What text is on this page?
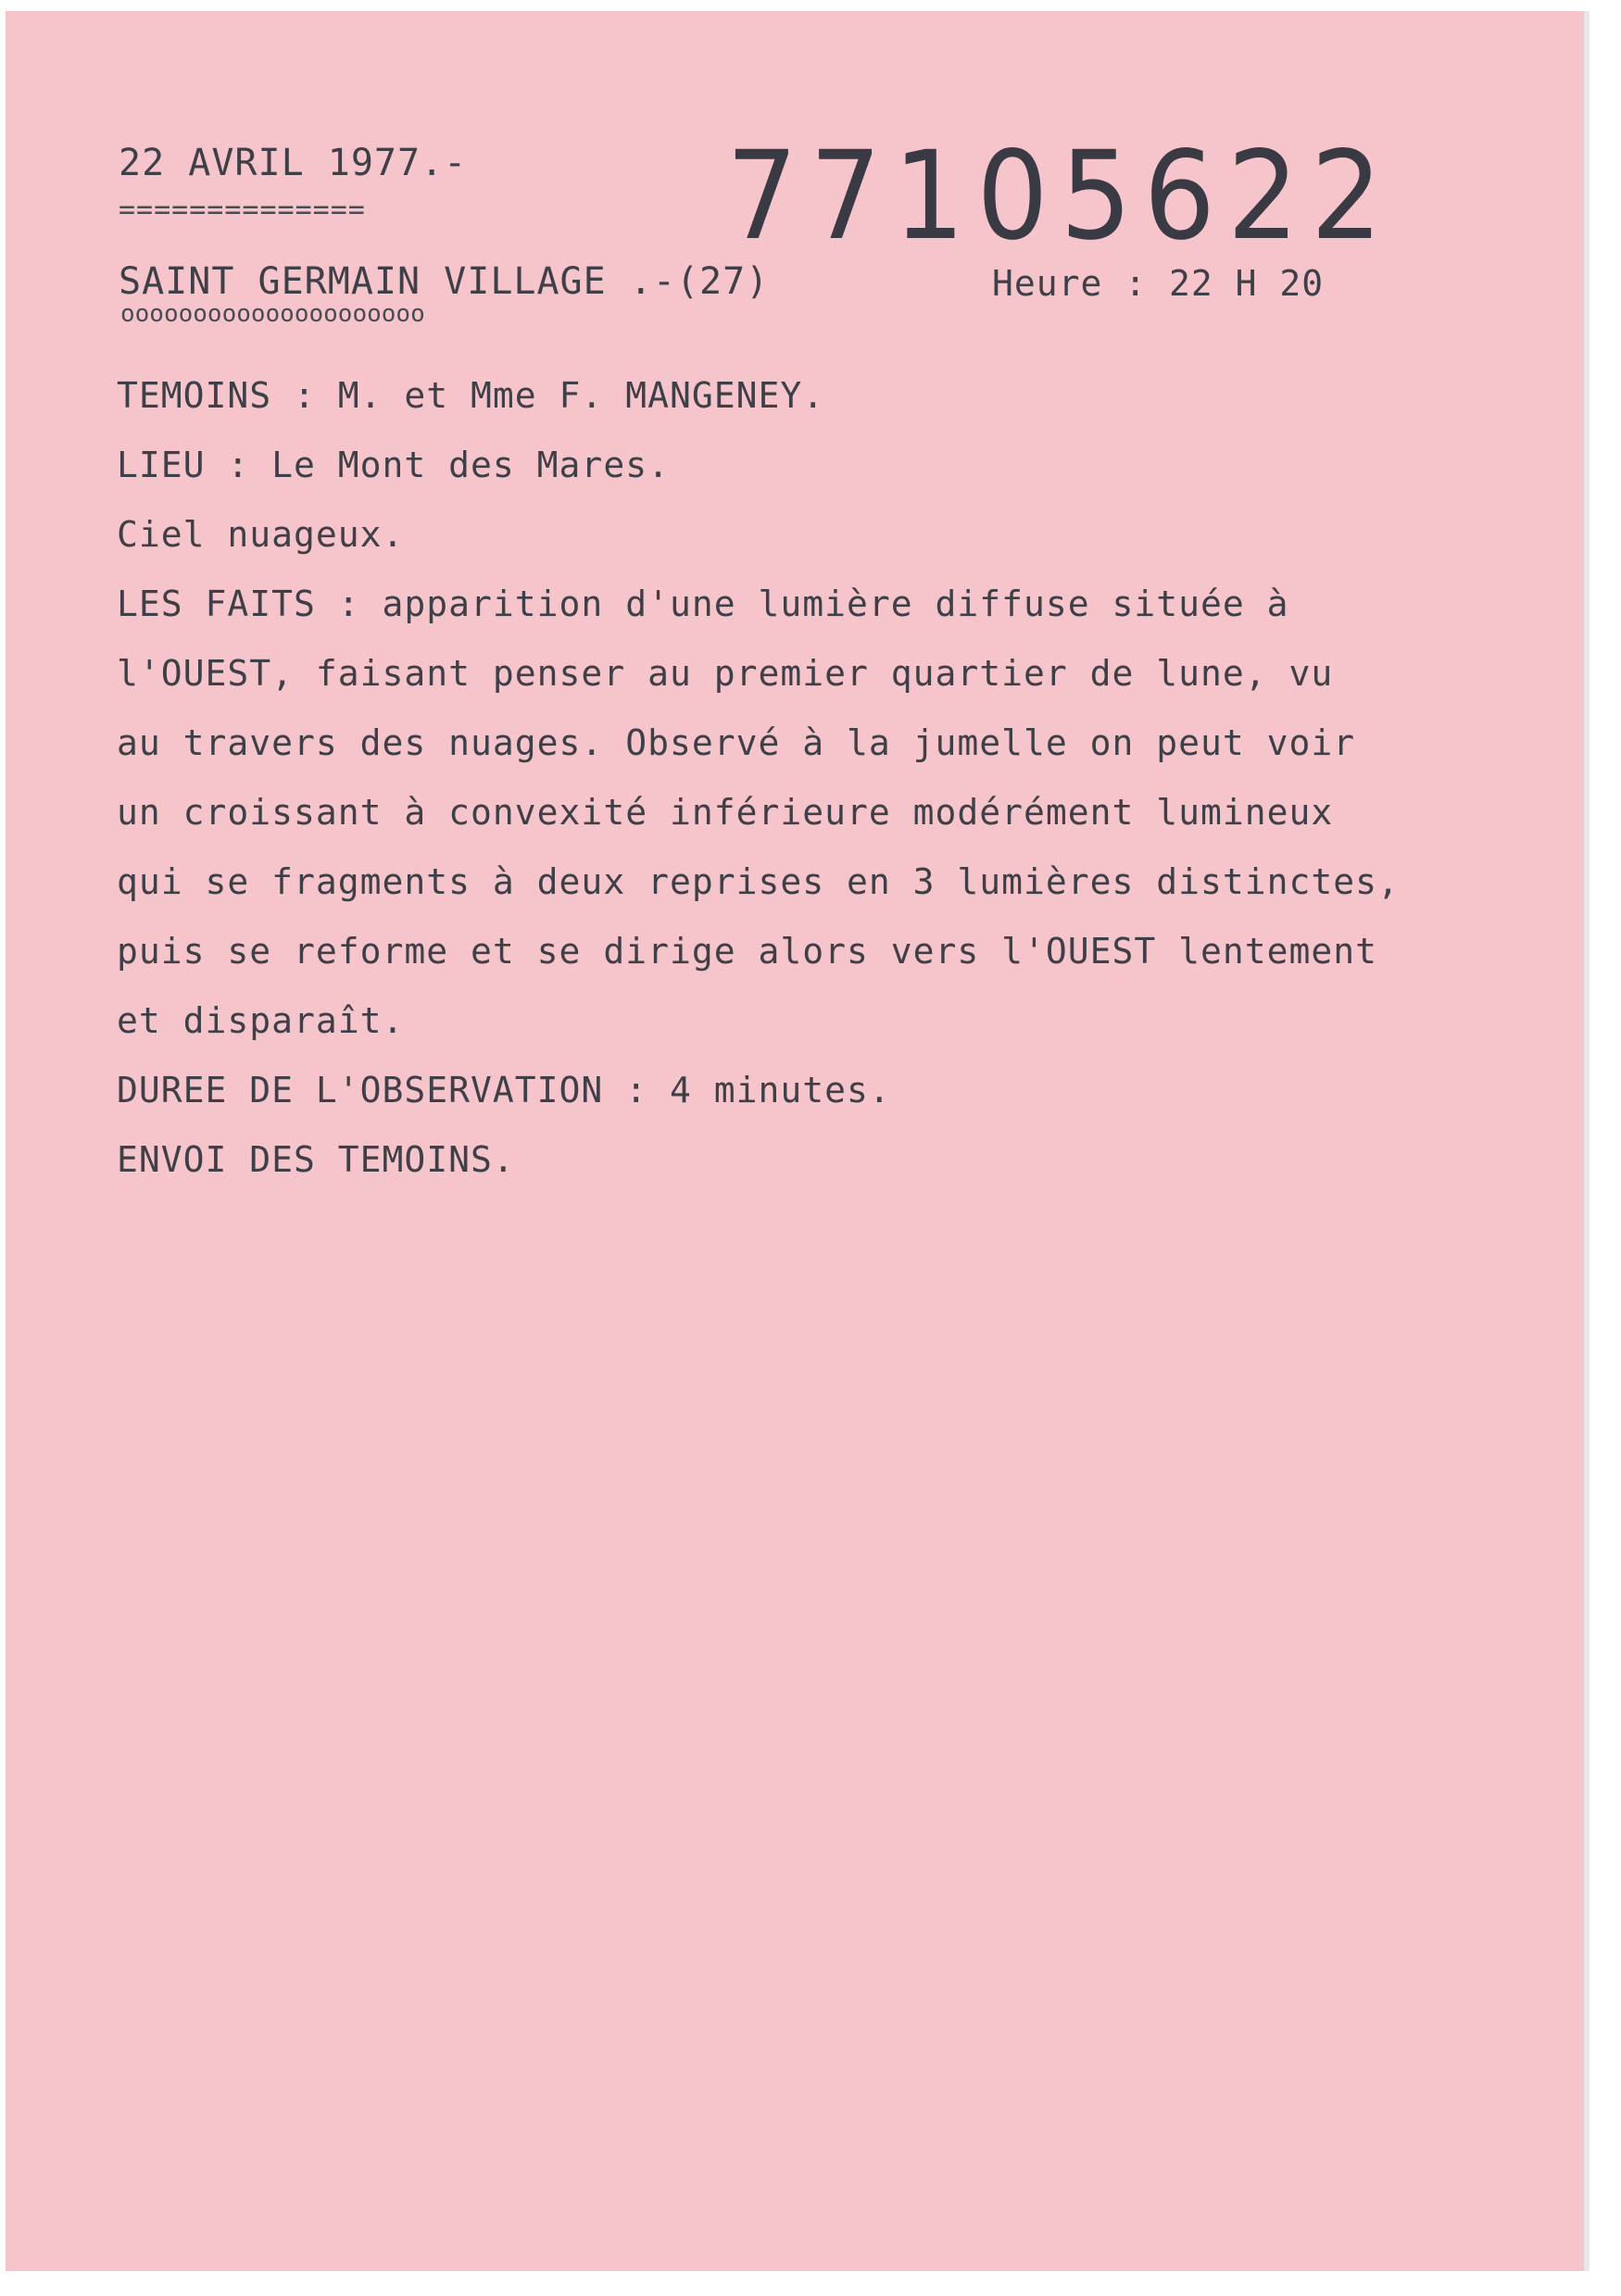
22 AVRIL 1977.-
==============	77105622
SAINT GERMAIN VILLAGE .-(27)
ooooooooooooooooooooo
Heure : 22 H 20
TEMOINS : M. et Mme F. MANGENEY.
LIEU : Le Mont des Mares.
Ciel nuageux.
LES FAITS : apparition d'une lumière diffuse située à
l'OUEST, faisant penser au premier quartier de lune, vu
au travers des nuages. Observé à la jumelle on peut voir
un croissant à convexité inférieure modérément lumineux
qui se fragments à deux reprises en 3 lumières distinctes,
puis se reforme et se dirige alors vers l'OUEST lentement
et disparaît.
DUREE DE L'OBSERVATION : 4 minutes.
ENVOI DES TEMOINS.
